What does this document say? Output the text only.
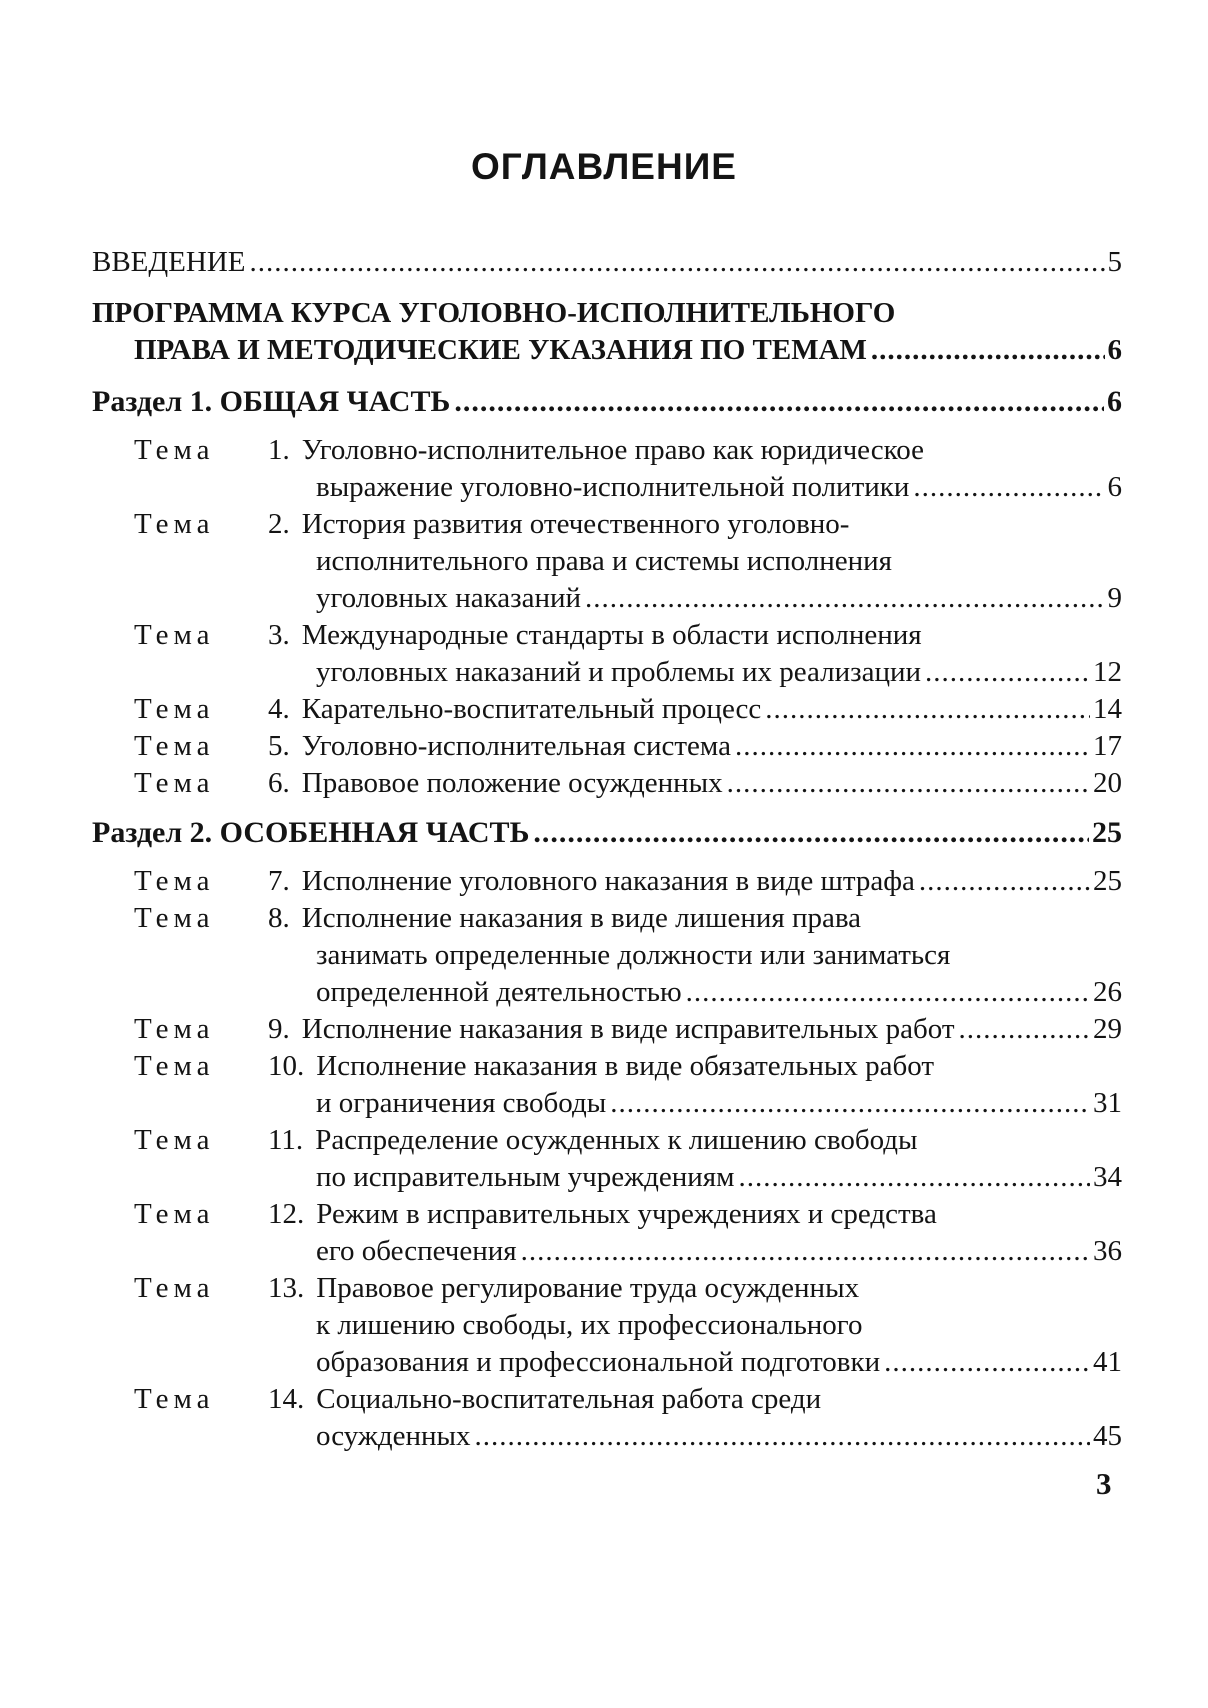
ОГЛАВЛЕНИЕ
ВВЕДЕНИЕ .....	5
ПРОГРАММА КУРСА УГОЛОВНО-ИСПОЛНИТЕЛЬНОГО
ПРАВА И МЕТОДИЧЕСКИЕ УКАЗАНИЯ ПО ТЕМАМ .....	6
Раздел 1. ОБЩАЯ ЧАСТЬ .....	6
Тема	1. Уголовно-исполнительное право как юридическое
выражение уголовно-исполнительной политики .....	6
Тема	2. История развития отечественного уголовно-
исполнительного права и системы исполнения
уголовных наказаний .....	9
Тема	3. Международные стандарты в области исполнения
уголовных наказаний и проблемы их реализации .....	12
Тема	4. Карательно-воспитательный процесс .....	14
Тема	5. Уголовно-исполнительная система .....	17
Тема	6. Правовое положение осужденных .....	20
Раздел 2. ОСОБЕННАЯ ЧАСТЬ .....	25
Тема	7. Исполнение уголовного наказания в виде штрафа .....	25
Тема	8. Исполнение наказания в виде лишения права
занимать определенные должности или заниматься
определенной деятельностью .....	26
Тема	9. Исполнение наказания в виде исправительных работ .....	29
Тема	10. Исполнение наказания в виде обязательных работ
и ограничения свободы .....	31
Тема	11. Распределение осужденных к лишению свободы
по исправительным учреждениям .....	34
Тема	12. Режим в исправительных учреждениях и средства
его обеспечения .....	36
Тема	13. Правовое регулирование труда осужденных
к лишению свободы, их профессионального
образования и профессиональной подготовки .....	41
Тема	14. Социально-воспитательная работа среди
осужденных .....	45
3
